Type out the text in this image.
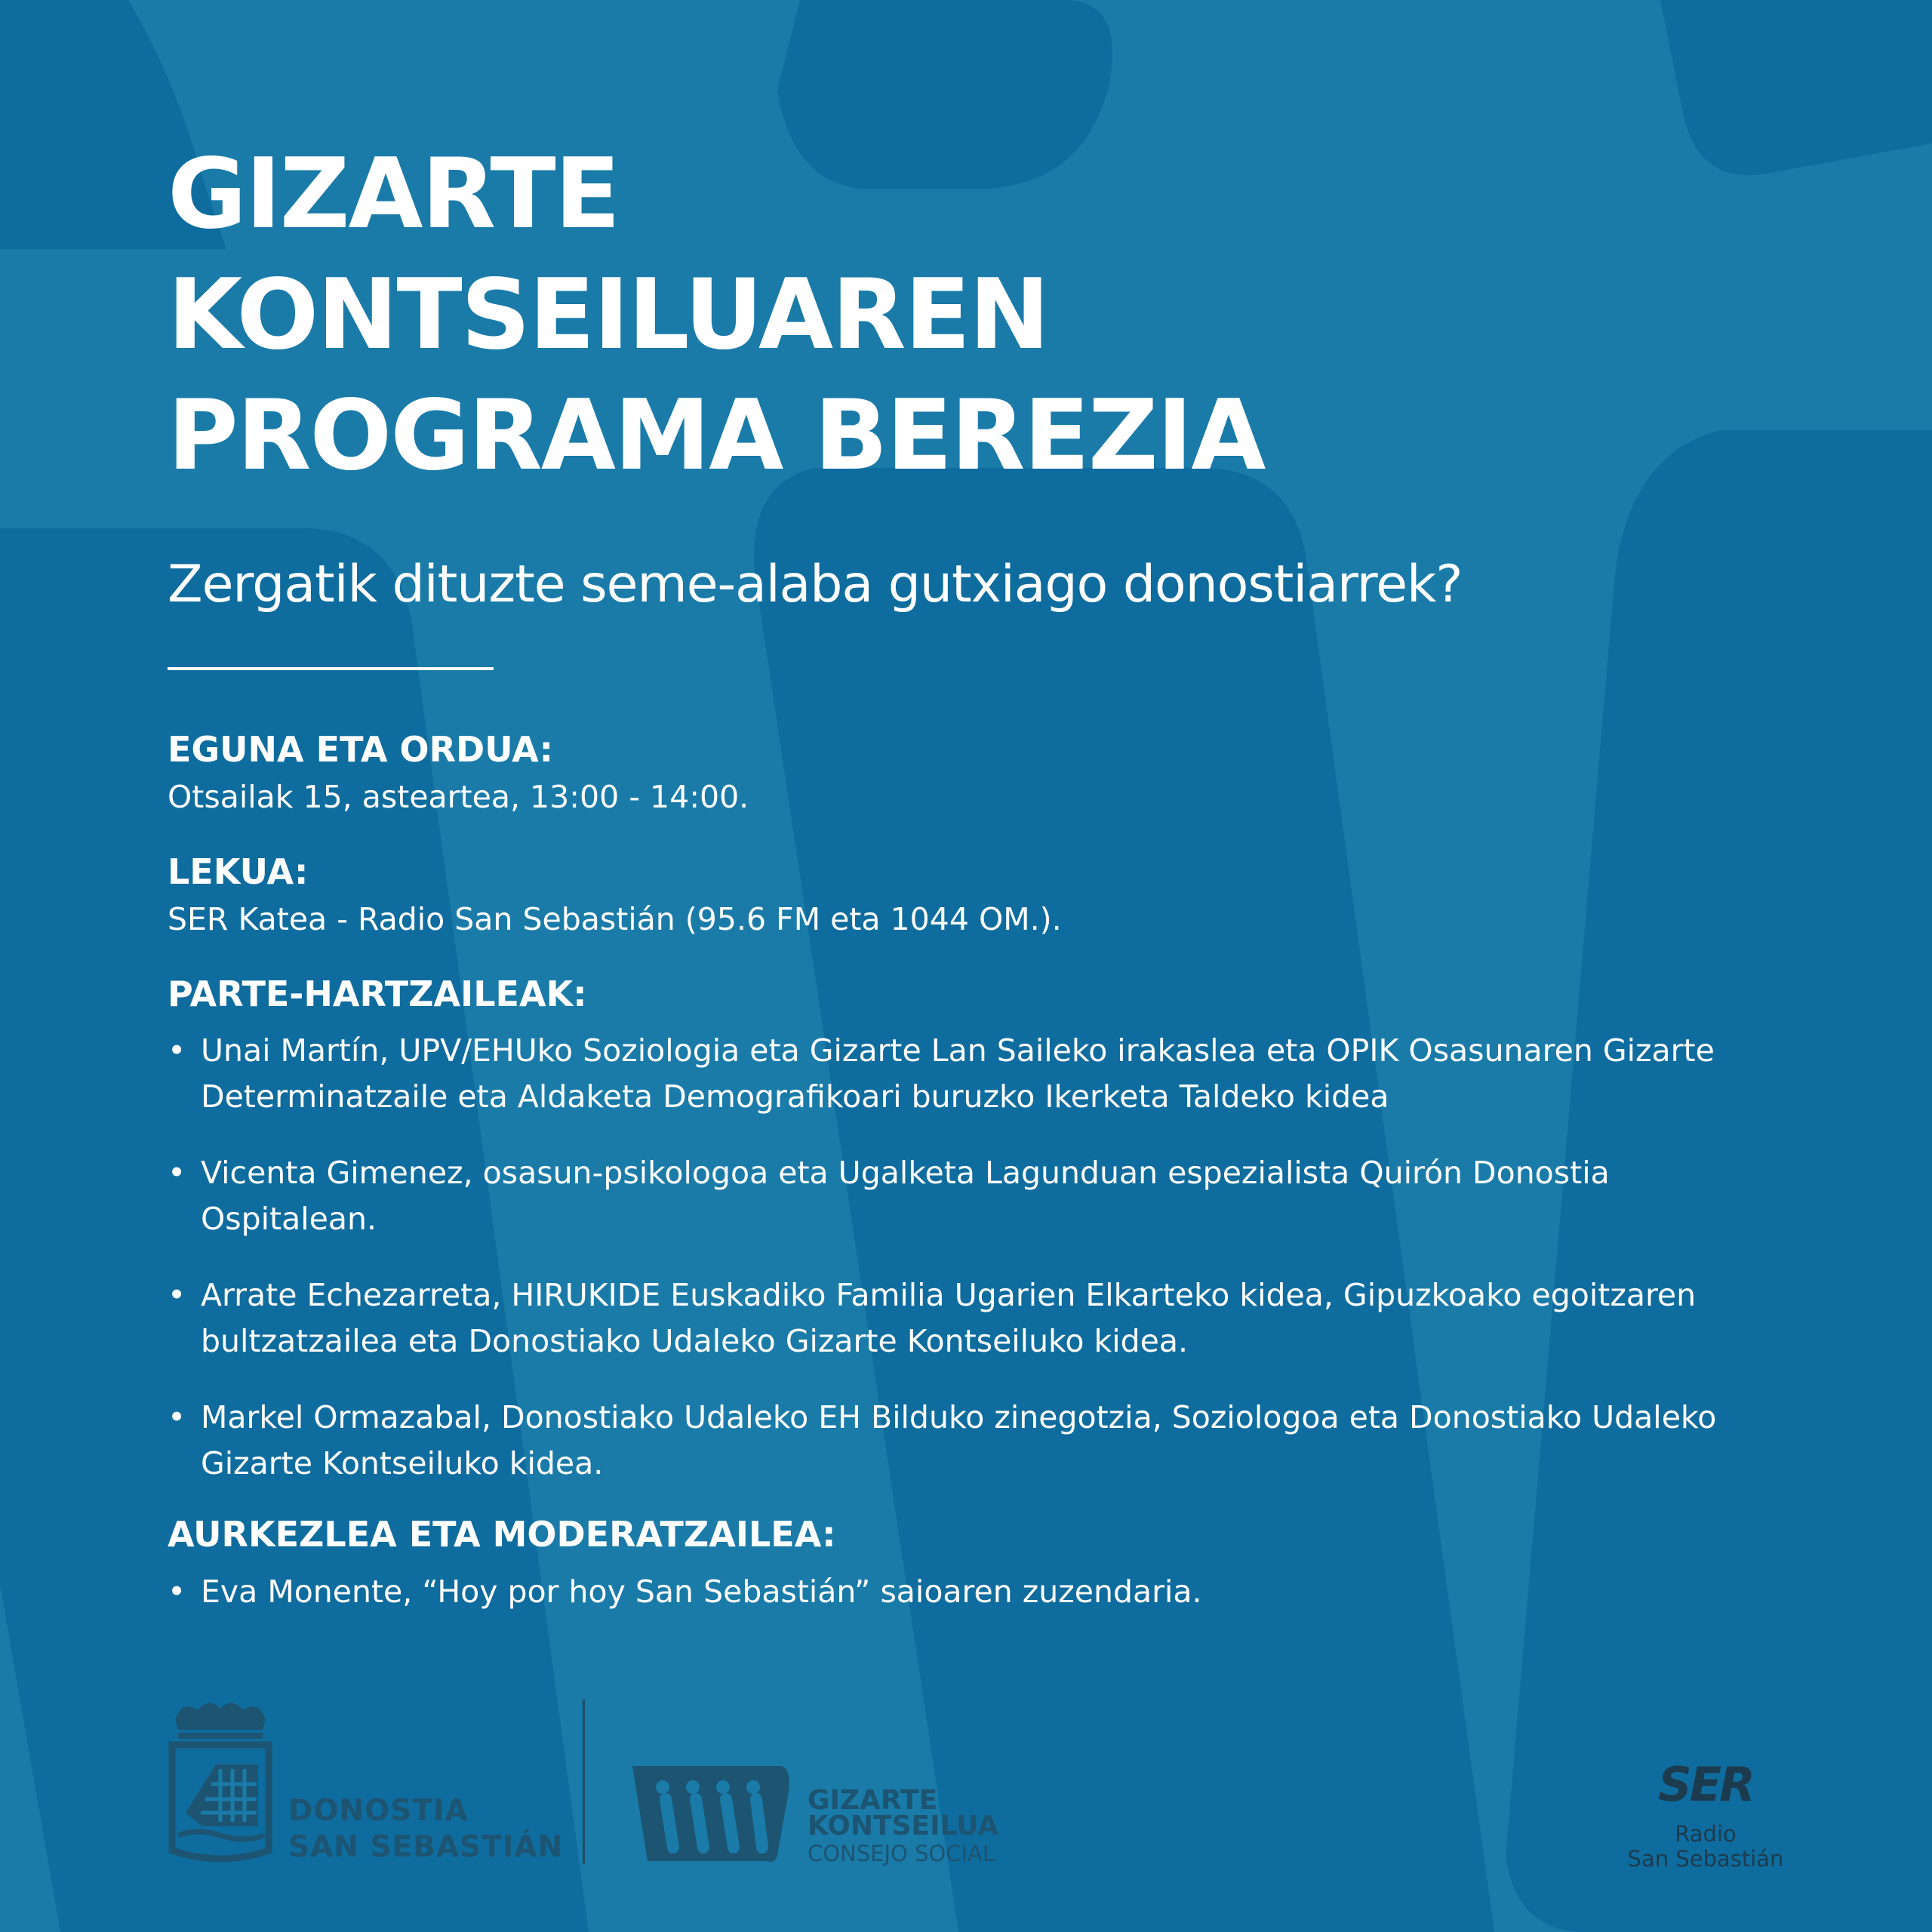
GIZARTE
KONTSEILUAREN
PROGRAMA BEREZIA

Zergatik dituzte seme-alaba gutxiago donostiarrek?

EGUNA ETA ORDUA:

Otsailak 15, asteartea, 13:00 - 14:00.

LEKUA:

SER Katea - Radio San Sebastián (95.6 FM eta 1044 OM.).

PARTE-HARTZAILEAK:
• Unai Martín, UPV/EHUko Soziologia eta Gizarte Lan Saileko irakaslea eta OPIK Osasunaren Gizarte Determinatzaile eta Aldaketa Demografikoari buruzko Ikerketa Taldeko kidea
• Vicenta Gimenez, osasun-psikologoa eta Ugalketa Lagunduan espezialista Quirón Donostia Ospitalean.
• Arrate Echezarreta, HIRUKIDE Euskadiko Familia Ugarien Elkarteko kidea, Gipuzkoako egoitzaren bultzatzailea eta Donostiako Udaleko Gizarte Kontseiluko kidea.
• Markel Ormazabal, Donostiako Udaleko EH Bilduko zinegotzia, Soziologoa eta Donostiako Udaleko Gizarte Kontseiluko kidea.
AURKEZLEA ETA MODERATZAILEA:
• Eva Monente, “Hoy por hoy San Sebastián” saioaren zuzendaria.

DONOSTIA
SAN SEBASTIÁN

GIZARTE

KONTSEILUA

CONSEJO SOCIAL

SER

Radio
San Sebastián
